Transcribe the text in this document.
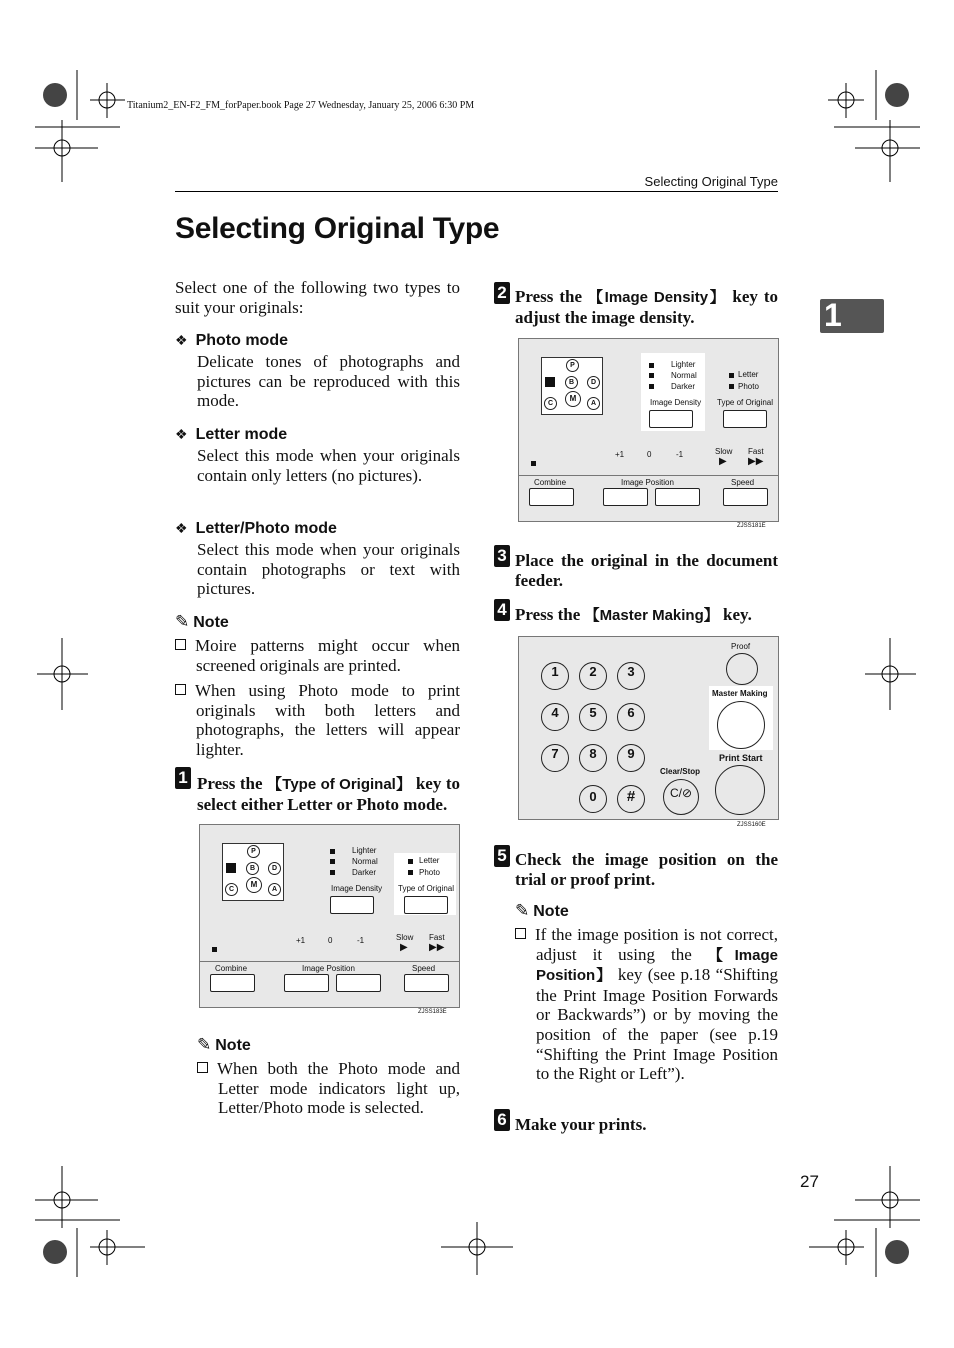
Titanium2_EN-F2_FM_forPaper.book Page 27 Wednesday, January 25, 2006 6:30 PM
Selecting Original Type
1
Selecting Original Type
Select one of the following two types to suit your originals:
❖ Photo mode
Delicate tones of photographs and pictures can be reproduced with this mode.
❖ Letter mode
Select this mode when your originals contain only letters (no pictures).
❖ Letter/Photo mode
Select this mode when your originals contain photographs or text with pictures.
✎ Note
Moire patterns might occur when screened originals are printed.
When using Photo mode to print originals with both letters and photographs, the letters will appear lighter.
1 Press the 【Type of Original】 key to select either Letter or Photo mode.
P
B	D
M
C	A
Lighter
Normal
Darker
Image Density
Letter
Photo
Type of Original
+1	0	-1	Slow Fast
▶ ▶▶
Combine	Image Position	Speed
ZJSS183E
✎ Note
When both the Photo mode and Letter mode indicators light up, Letter/Photo mode is selected.
2 Press the 【Image Density】 key to adjust the image density.
P
B	D
M
C	A
Lighter
Normal
Darker
Image Density
Letter
Photo
Type of Original
+1	0	-1	Slow Fast
▶ ▶▶
Combine	Image Position	Speed
ZJSS181E
3 Place the original in the document feeder.
4 Press the 【Master Making】 key.
1	2	3
4	5	6
7	8	9
0	#
Proof
Master Making
Print Start
Clear/Stop
C/⊘
ZJSS160E
5 Check the image position on the trial or proof print.
✎ Note
If the image position is not correct, adjust it using the 【Image Position】 key (see p.18 “Shifting the Print Image Position Forwards or Backwards”) or by moving the position of the paper (see p.19 “Shifting the Print Image Position to the Right or Left”).
6 Make your prints.
27
